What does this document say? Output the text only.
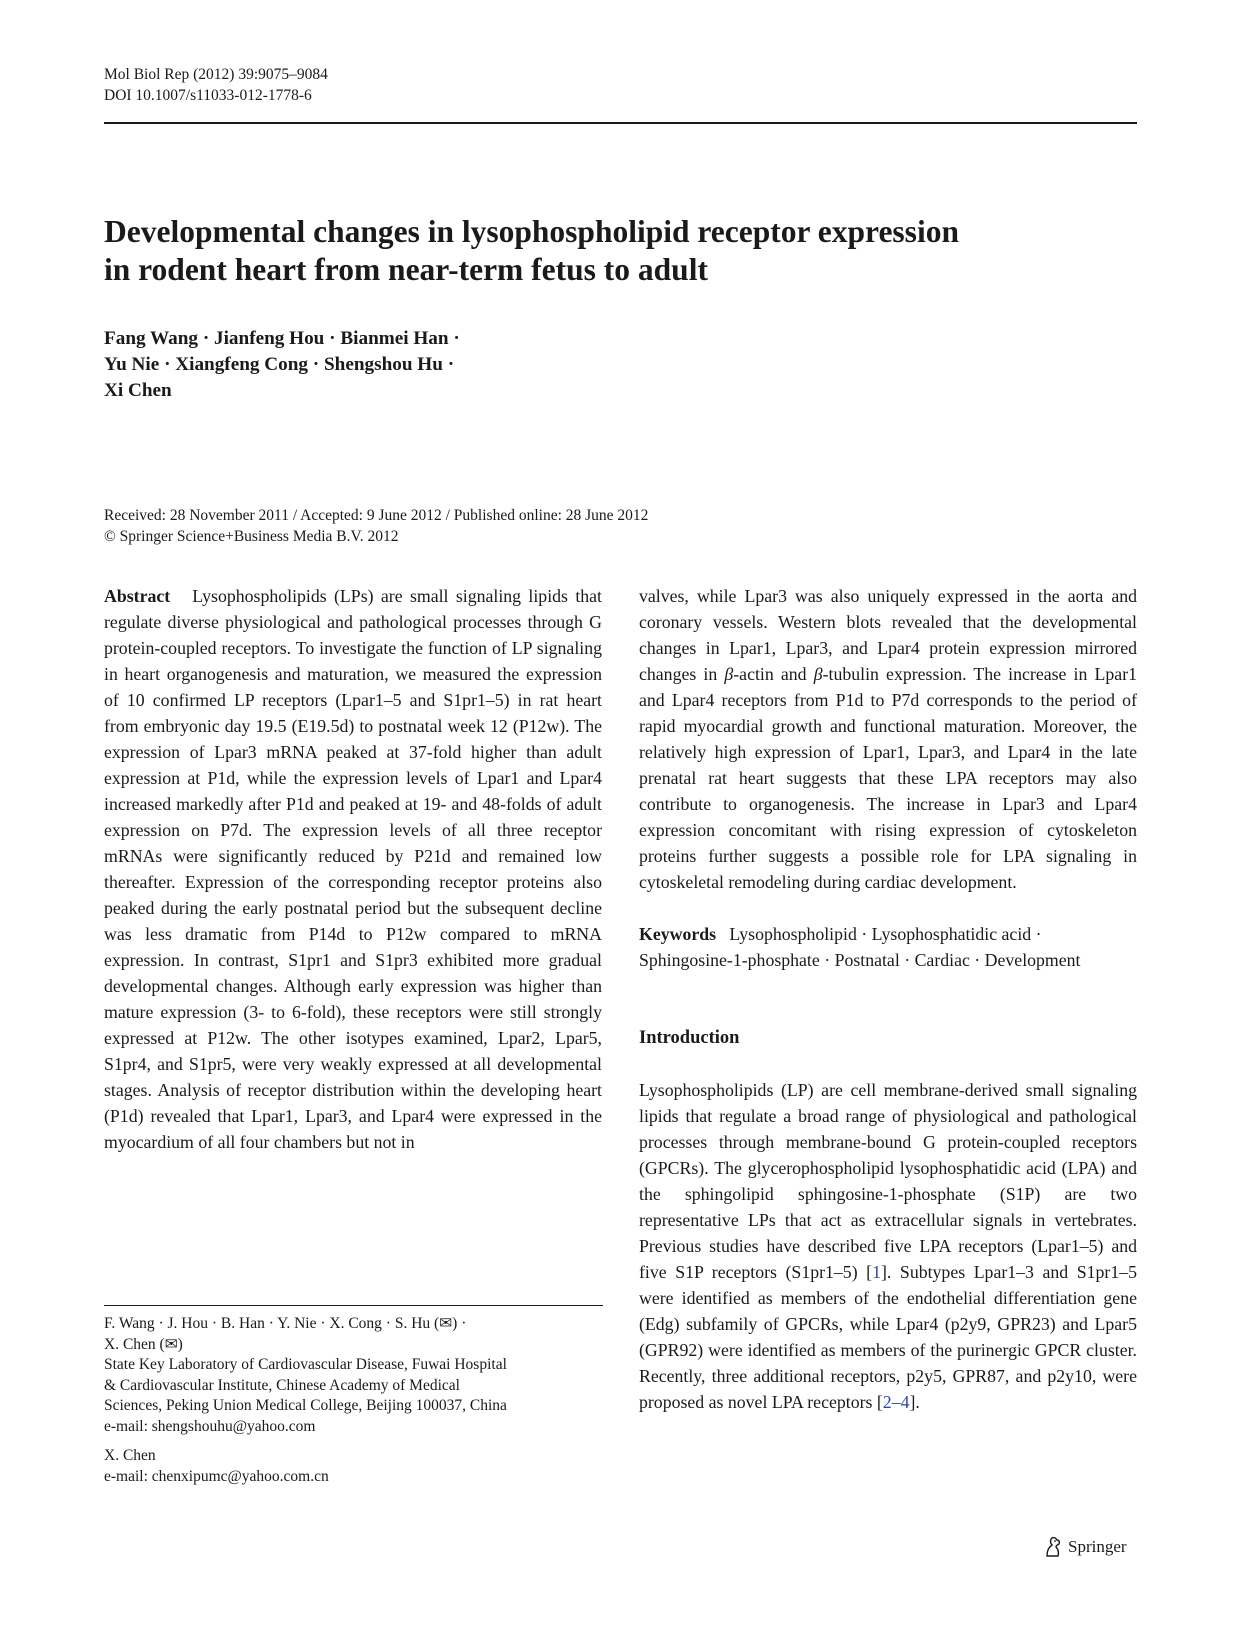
Mol Biol Rep (2012) 39:9075–9084
DOI 10.1007/s11033-012-1778-6
Developmental changes in lysophospholipid receptor expression
in rodent heart from near-term fetus to adult
Fang Wang · Jianfeng Hou · Bianmei Han ·
Yu Nie · Xiangfeng Cong · Shengshou Hu ·
Xi Chen
Received: 28 November 2011 / Accepted: 9 June 2012 / Published online: 28 June 2012
© Springer Science+Business Media B.V. 2012

Abstract Lysophospholipids (LPs) are small signaling lipids that regulate diverse physiological and pathological processes through G protein-coupled receptors. To investigate the function of LP signaling in heart organogenesis and maturation, we measured the expression of 10 confirmed LP receptors (Lpar1–5 and S1pr1–5) in rat heart from embryonic day 19.5 (E19.5d) to postnatal week 12 (P12w). The expression of Lpar3 mRNA peaked at 37-fold higher than adult expression at P1d, while the expression levels of Lpar1 and Lpar4 increased markedly after P1d and peaked at 19- and 48-folds of adult expression on P7d. The expression levels of all three receptor mRNAs were significantly reduced by P21d and remained low thereafter. Expression of the corresponding receptor proteins also peaked during the early postnatal period but the subsequent decline was less dramatic from P14d to P12w compared to mRNA expression. In contrast, S1pr1 and S1pr3 exhibited more gradual developmental changes. Although early expression was higher than mature expression (3- to 6-fold), these receptors were still strongly expressed at P12w. The other isotypes examined, Lpar2, Lpar5, S1pr4, and S1pr5, were very weakly expressed at all developmental stages. Analysis of receptor distribution within the developing heart (P1d) revealed that Lpar1, Lpar3, and Lpar4 were expressed in the myocardium of all four chambers but not in

valves, while Lpar3 was also uniquely expressed in the aorta and coronary vessels. Western blots revealed that the developmental changes in Lpar1, Lpar3, and Lpar4 protein expression mirrored changes in β-actin and β-tubulin expression. The increase in Lpar1 and Lpar4 receptors from P1d to P7d corresponds to the period of rapid myocardial growth and functional maturation. Moreover, the relatively high expression of Lpar1, Lpar3, and Lpar4 in the late prenatal rat heart suggests that these LPA receptors may also contribute to organogenesis. The increase in Lpar3 and Lpar4 expression concomitant with rising expression of cytoskeleton proteins further suggests a possible role for LPA signaling in cytoskeletal remodeling during cardiac development.

Keywords Lysophospholipid · Lysophosphatidic acid · Sphingosine-1-phosphate · Postnatal · Cardiac · Development

Introduction

Lysophospholipids (LP) are cell membrane-derived small signaling lipids that regulate a broad range of physiological and pathological processes through membrane-bound G protein-coupled receptors (GPCRs). The glycerophospholipid lysophosphatidic acid (LPA) and the sphingolipid sphingosine-1-phosphate (S1P) are two representative LPs that act as extracellular signals in vertebrates. Previous studies have described five LPA receptors (Lpar1–5) and five S1P receptors (S1pr1–5) [1]. Subtypes Lpar1–3 and S1pr1–5 were identified as members of the endothelial differentiation gene (Edg) subfamily of GPCRs, while Lpar4 (p2y9, GPR23) and Lpar5 (GPR92) were identified as members of the purinergic GPCR cluster. Recently, three additional receptors, p2y5, GPR87, and p2y10, were proposed as novel LPA receptors [2–4].

F. Wang · J. Hou · B. Han · Y. Nie · X. Cong · S. Hu (✉) ·

X. Chen (✉)

State Key Laboratory of Cardiovascular Disease, Fuwai Hospital

& Cardiovascular Institute, Chinese Academy of Medical

Sciences, Peking Union Medical College, Beijing 100037, China

e-mail: shengshouhu@yahoo.com

X. Chen

e-mail: chenxipumc@yahoo.com.cn

Springer
